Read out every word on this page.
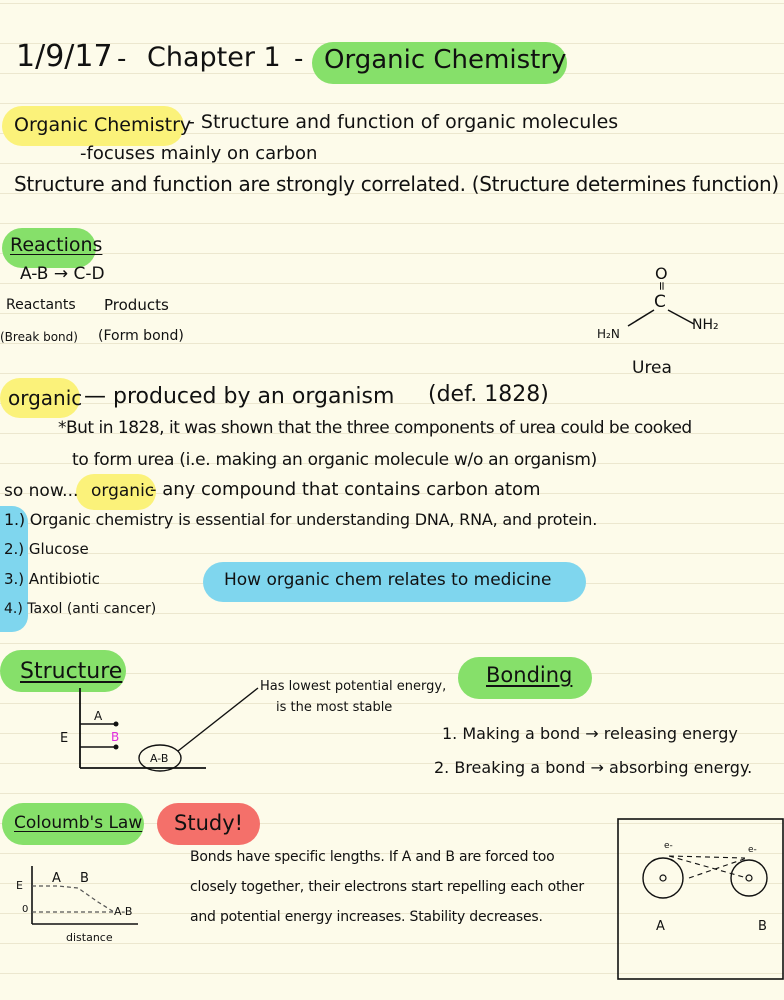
1/9/17 - Chapter 1 - Organic Chemistry
Organic Chemistry
- Structure and function of organic molecules
-focuses mainly on carbon
Structure and function are strongly correlated. (Structure determines function)
Reactions
A-B → C-D
Reactants Products
(Break bond) (Form bond)
O
=
C
H₂N
NH₂
Urea
organic — produced by an organism (def. 1828)
*But in 1828, it was shown that the three components of urea could be cooked
to form urea (i.e. making an organic molecule w/o an organism)
so now... organic
- any compound that contains carbon atom
1.) Organic chemistry is essential for understanding DNA, RNA, and protein.
2.) Glucose
3.) Antibiotic
4.) Taxol (anti cancer)
How organic chem relates to medicine
Structure
E
A
B
A-B
Has lowest potential energy,
is the most stable
Bonding
1. Making a bond → releasing energy
2. Breaking a bond → absorbing energy.
Coloumb's Law Study!
E
0
A B
A-B
distance
Bonds have specific lengths. If A and B are forced too
closely together, their electrons start repelling each other
and potential energy increases. Stability decreases.
e-	e-
A	B
